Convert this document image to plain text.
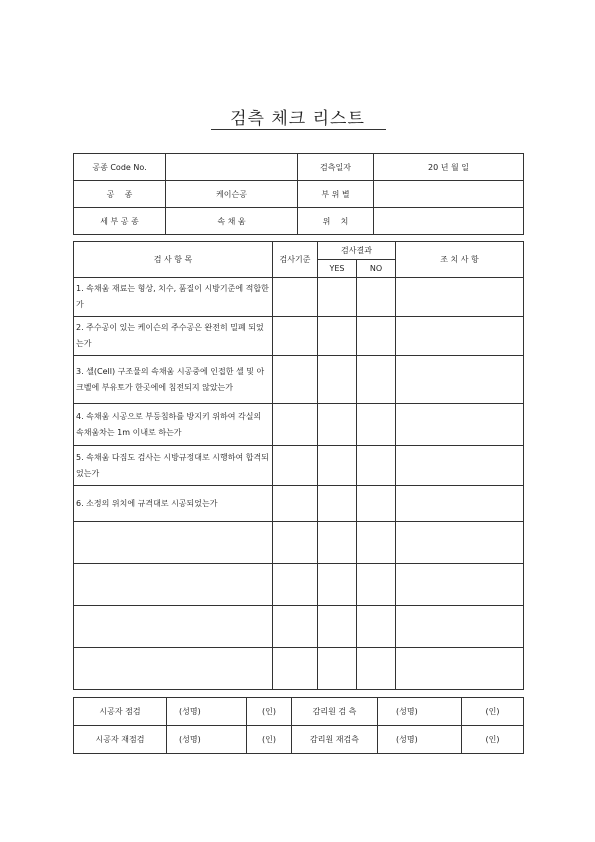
검측 체크 리스트
공종 Code No.		검측일자	20 년 월 일
공    종	케이슨공	부 위 별	
세 부 공 종	속 채 움	위    치	
검 사 항 목	검사기준	검사결과		조 치 사 항
		YES	NO	
1. 속채움 재료는 형상, 치수, 품질이 시방기준에 적합한가				
2. 주수공이 있는 케이슨의 주수공은 완전히 밀폐 되었는가				
3. 셀(Cell) 구조물의 속채움 시공중에 인접한 셀 및 아크벨에 부유토가 한곳에에 침전되지 않았는가				
4. 속채움 시공으로 부등침하를 방지키 위하여 각실의 속채움차는 1m 이내로 하는가				
5. 속채움 다짐도 검사는 시방규정대로 시행하여 합격되었는가				
6. 소정의 위치에 규격대로 시공되었는가				

시공자 점검	(성명)	(인)	감리원 검 측	(성명)	(인)
시공자 재점검	(성명)	(인)	감리원 재검측	(성명)	(인)
